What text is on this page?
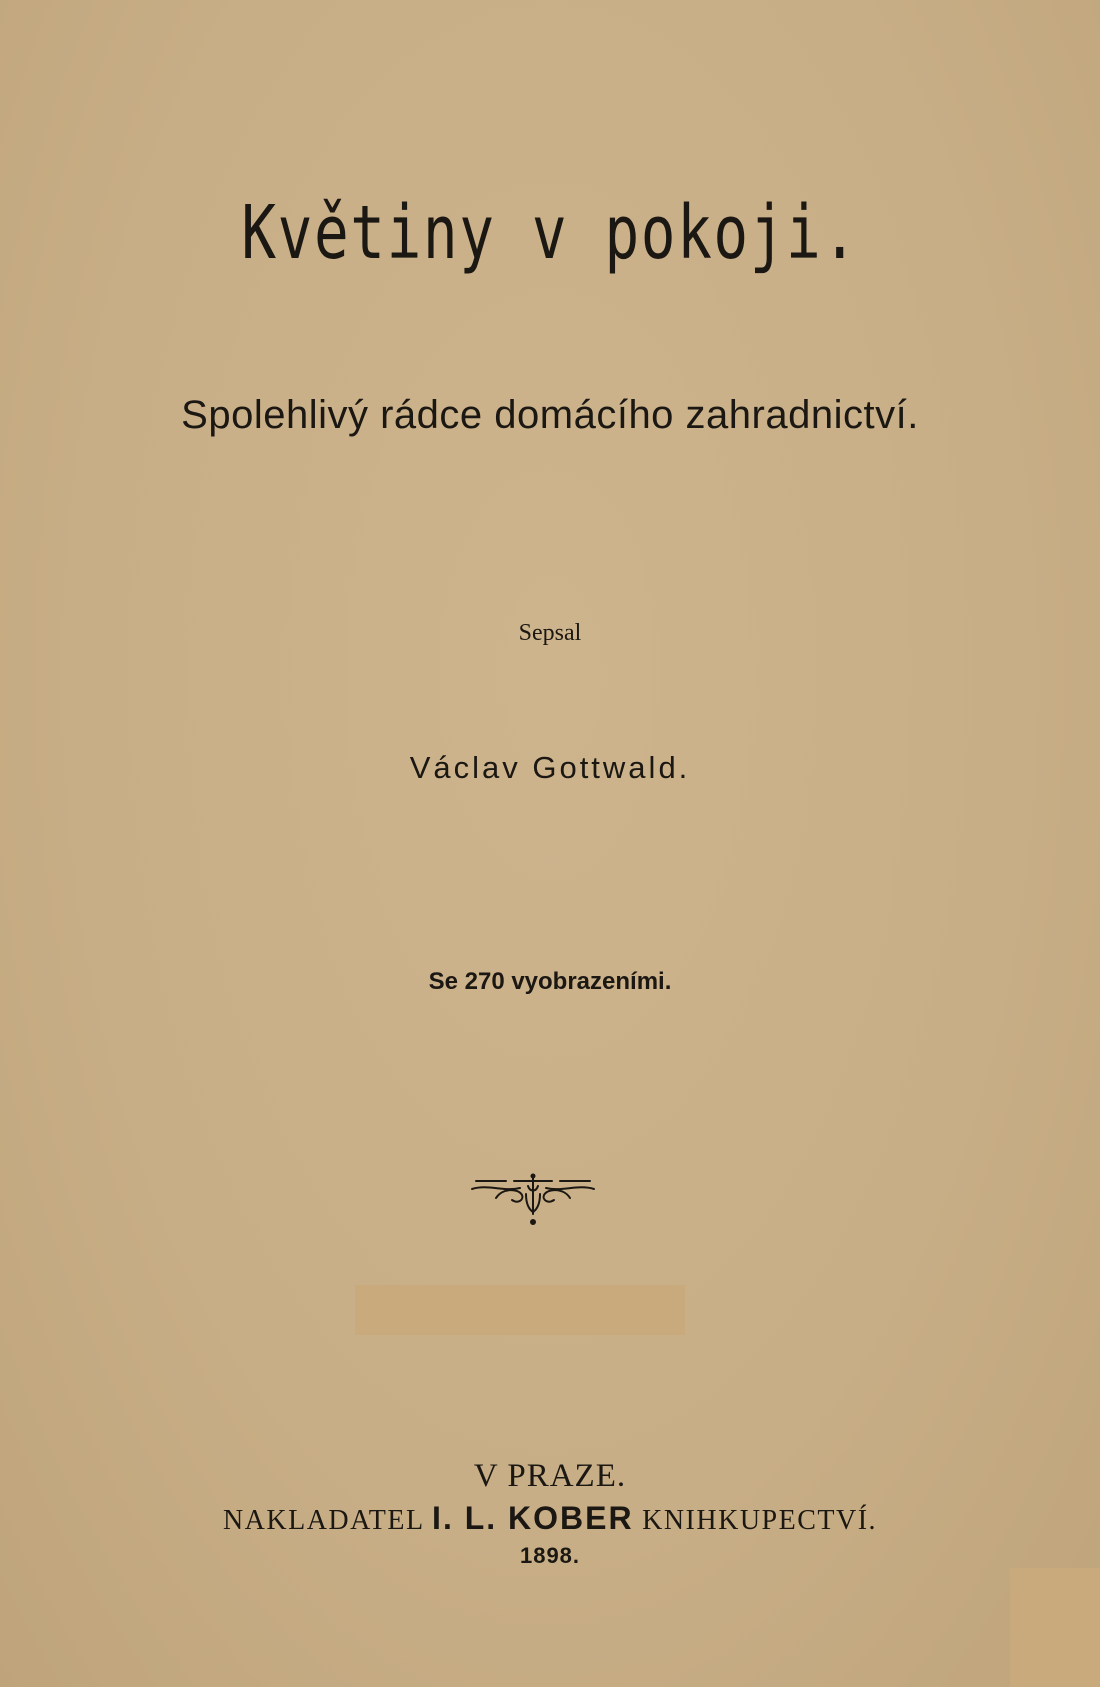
Květiny v pokoji.
Spolehlivý rádce domácího zahradnictví.
Sepsal
Václav Gottwald.
Se 270 vyobrazeními.
V PRAZE.
NAKLADATEL I. L. KOBER KNIHKUPECTVÍ.
1898.
